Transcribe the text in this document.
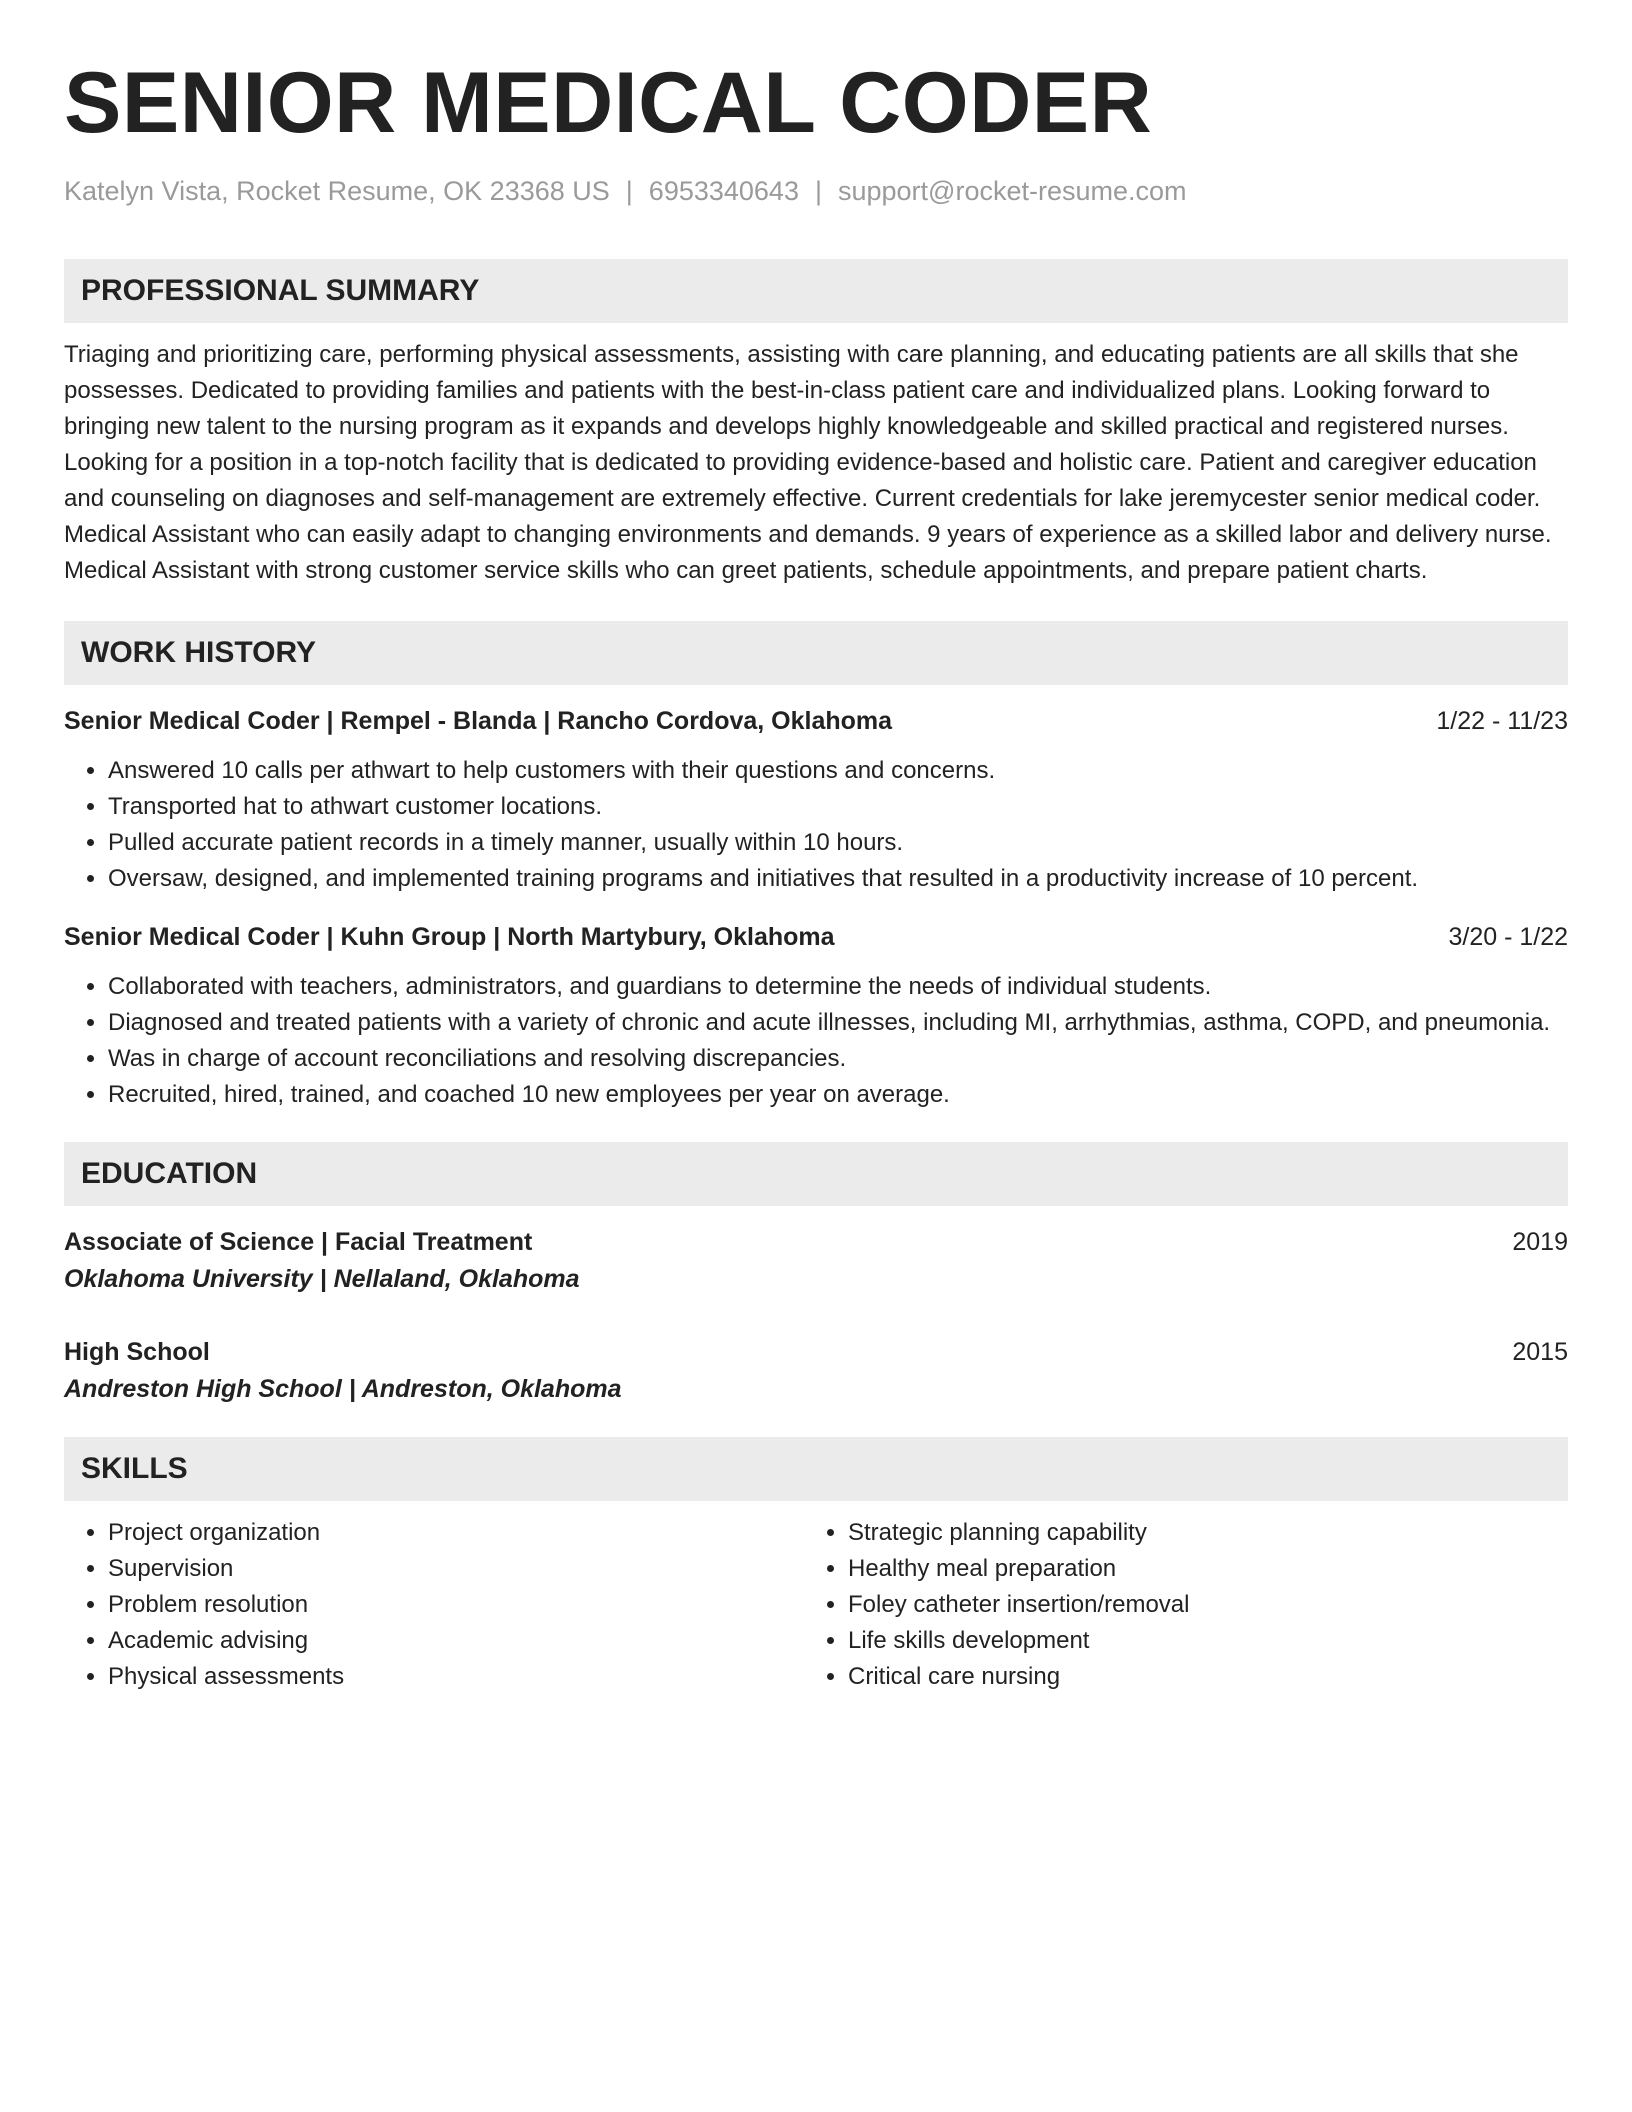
SENIOR MEDICAL CODER
Katelyn Vista, Rocket Resume, OK 23368 US | 6953340643 | support@rocket-resume.com
PROFESSIONAL SUMMARY

Triaging and prioritizing care, performing physical assessments, assisting with care planning, and educating patients are all skills that she possesses. Dedicated to providing families and patients with the best-in-class patient care and individualized plans. Looking forward to bringing new talent to the nursing program as it expands and develops highly knowledgeable and skilled practical and registered nurses. Looking for a position in a top-notch facility that is dedicated to providing evidence-based and holistic care. Patient and caregiver education and counseling on diagnoses and self-management are extremely effective. Current credentials for lake jeremycester senior medical coder. Medical Assistant who can easily adapt to changing environments and demands. 9 years of experience as a skilled labor and delivery nurse. Medical Assistant with strong customer service skills who can greet patients, schedule appointments, and prepare patient charts.

WORK HISTORY
Senior Medical Coder | Rempel - Blanda | Rancho Cordova, Oklahoma	1/22 - 11/23
• Answered 10 calls per athwart to help customers with their questions and concerns.
• Transported hat to athwart customer locations.
• Pulled accurate patient records in a timely manner, usually within 10 hours.
• Oversaw, designed, and implemented training programs and initiatives that resulted in a productivity increase of 10 percent.
Senior Medical Coder | Kuhn Group | North Martybury, Oklahoma	3/20 - 1/22
• Collaborated with teachers, administrators, and guardians to determine the needs of individual students.
• Diagnosed and treated patients with a variety of chronic and acute illnesses, including MI, arrhythmias, asthma, COPD, and pneumonia.
• Was in charge of account reconciliations and resolving discrepancies.
• Recruited, hired, trained, and coached 10 new employees per year on average.
EDUCATION
Associate of Science | Facial Treatment	2019
Oklahoma University | Nellaland, Oklahoma
High School	2015
Andreston High School | Andreston, Oklahoma
SKILLS
• Project organization
• Supervision
• Problem resolution
• Academic advising
• Physical assessments
• Strategic planning capability
• Healthy meal preparation
• Foley catheter insertion/removal
• Life skills development
• Critical care nursing
